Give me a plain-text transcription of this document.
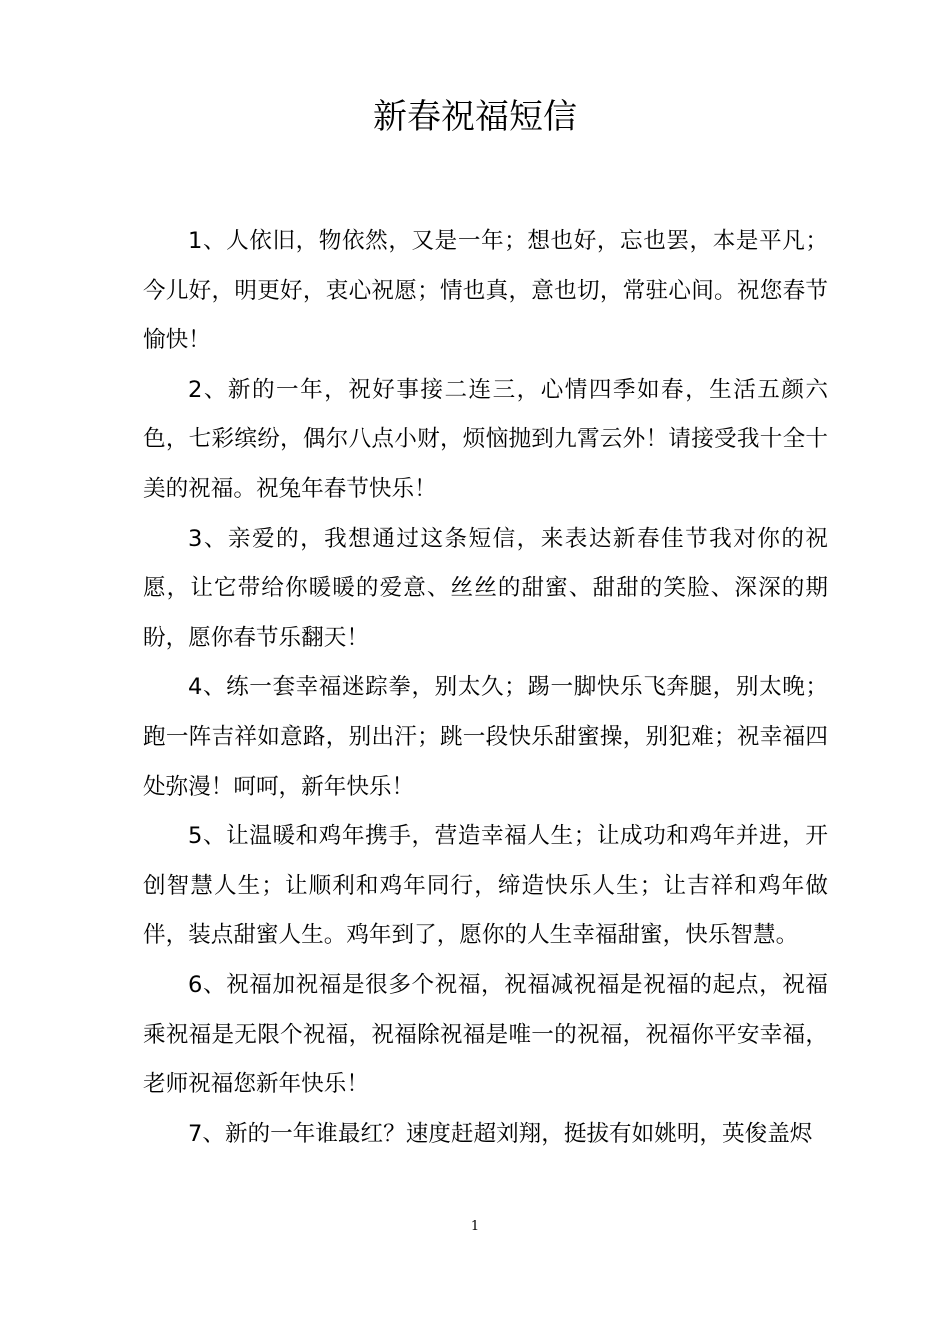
新春祝福短信

1、人依旧，物依然，又是一年；想也好，忘也罢，本是平凡；今儿好，明更好，衷心祝愿；情也真，意也切，常驻心间。祝您春节愉快！

2、新的一年，祝好事接二连三，心情四季如春，生活五颜六色，七彩缤纷，偶尔八点小财，烦恼抛到九霄云外！请接受我十全十美的祝福。祝兔年春节快乐！

3、亲爱的，我想通过这条短信，来表达新春佳节我对你的祝愿，让它带给你暖暖的爱意、丝丝的甜蜜、甜甜的笑脸、深深的期盼，愿你春节乐翻天！

4、练一套幸福迷踪拳，别太久；踢一脚快乐飞奔腿，别太晚；跑一阵吉祥如意路，别出汗；跳一段快乐甜蜜操，别犯难；祝幸福四处弥漫！呵呵，新年快乐！

5、让温暖和鸡年携手，营造幸福人生；让成功和鸡年并进，开创智慧人生；让顺利和鸡年同行，缔造快乐人生；让吉祥和鸡年做伴，装点甜蜜人生。鸡年到了，愿你的人生幸福甜蜜，快乐智慧。

6、祝福加祝福是很多个祝福，祝福减祝福是祝福的起点，祝福乘祝福是无限个祝福，祝福除祝福是唯一的祝福，祝福你平安幸福，老师祝福您新年快乐！

7、新的一年谁最红？速度赶超刘翔，挺拔有如姚明，英俊盖烬

1
